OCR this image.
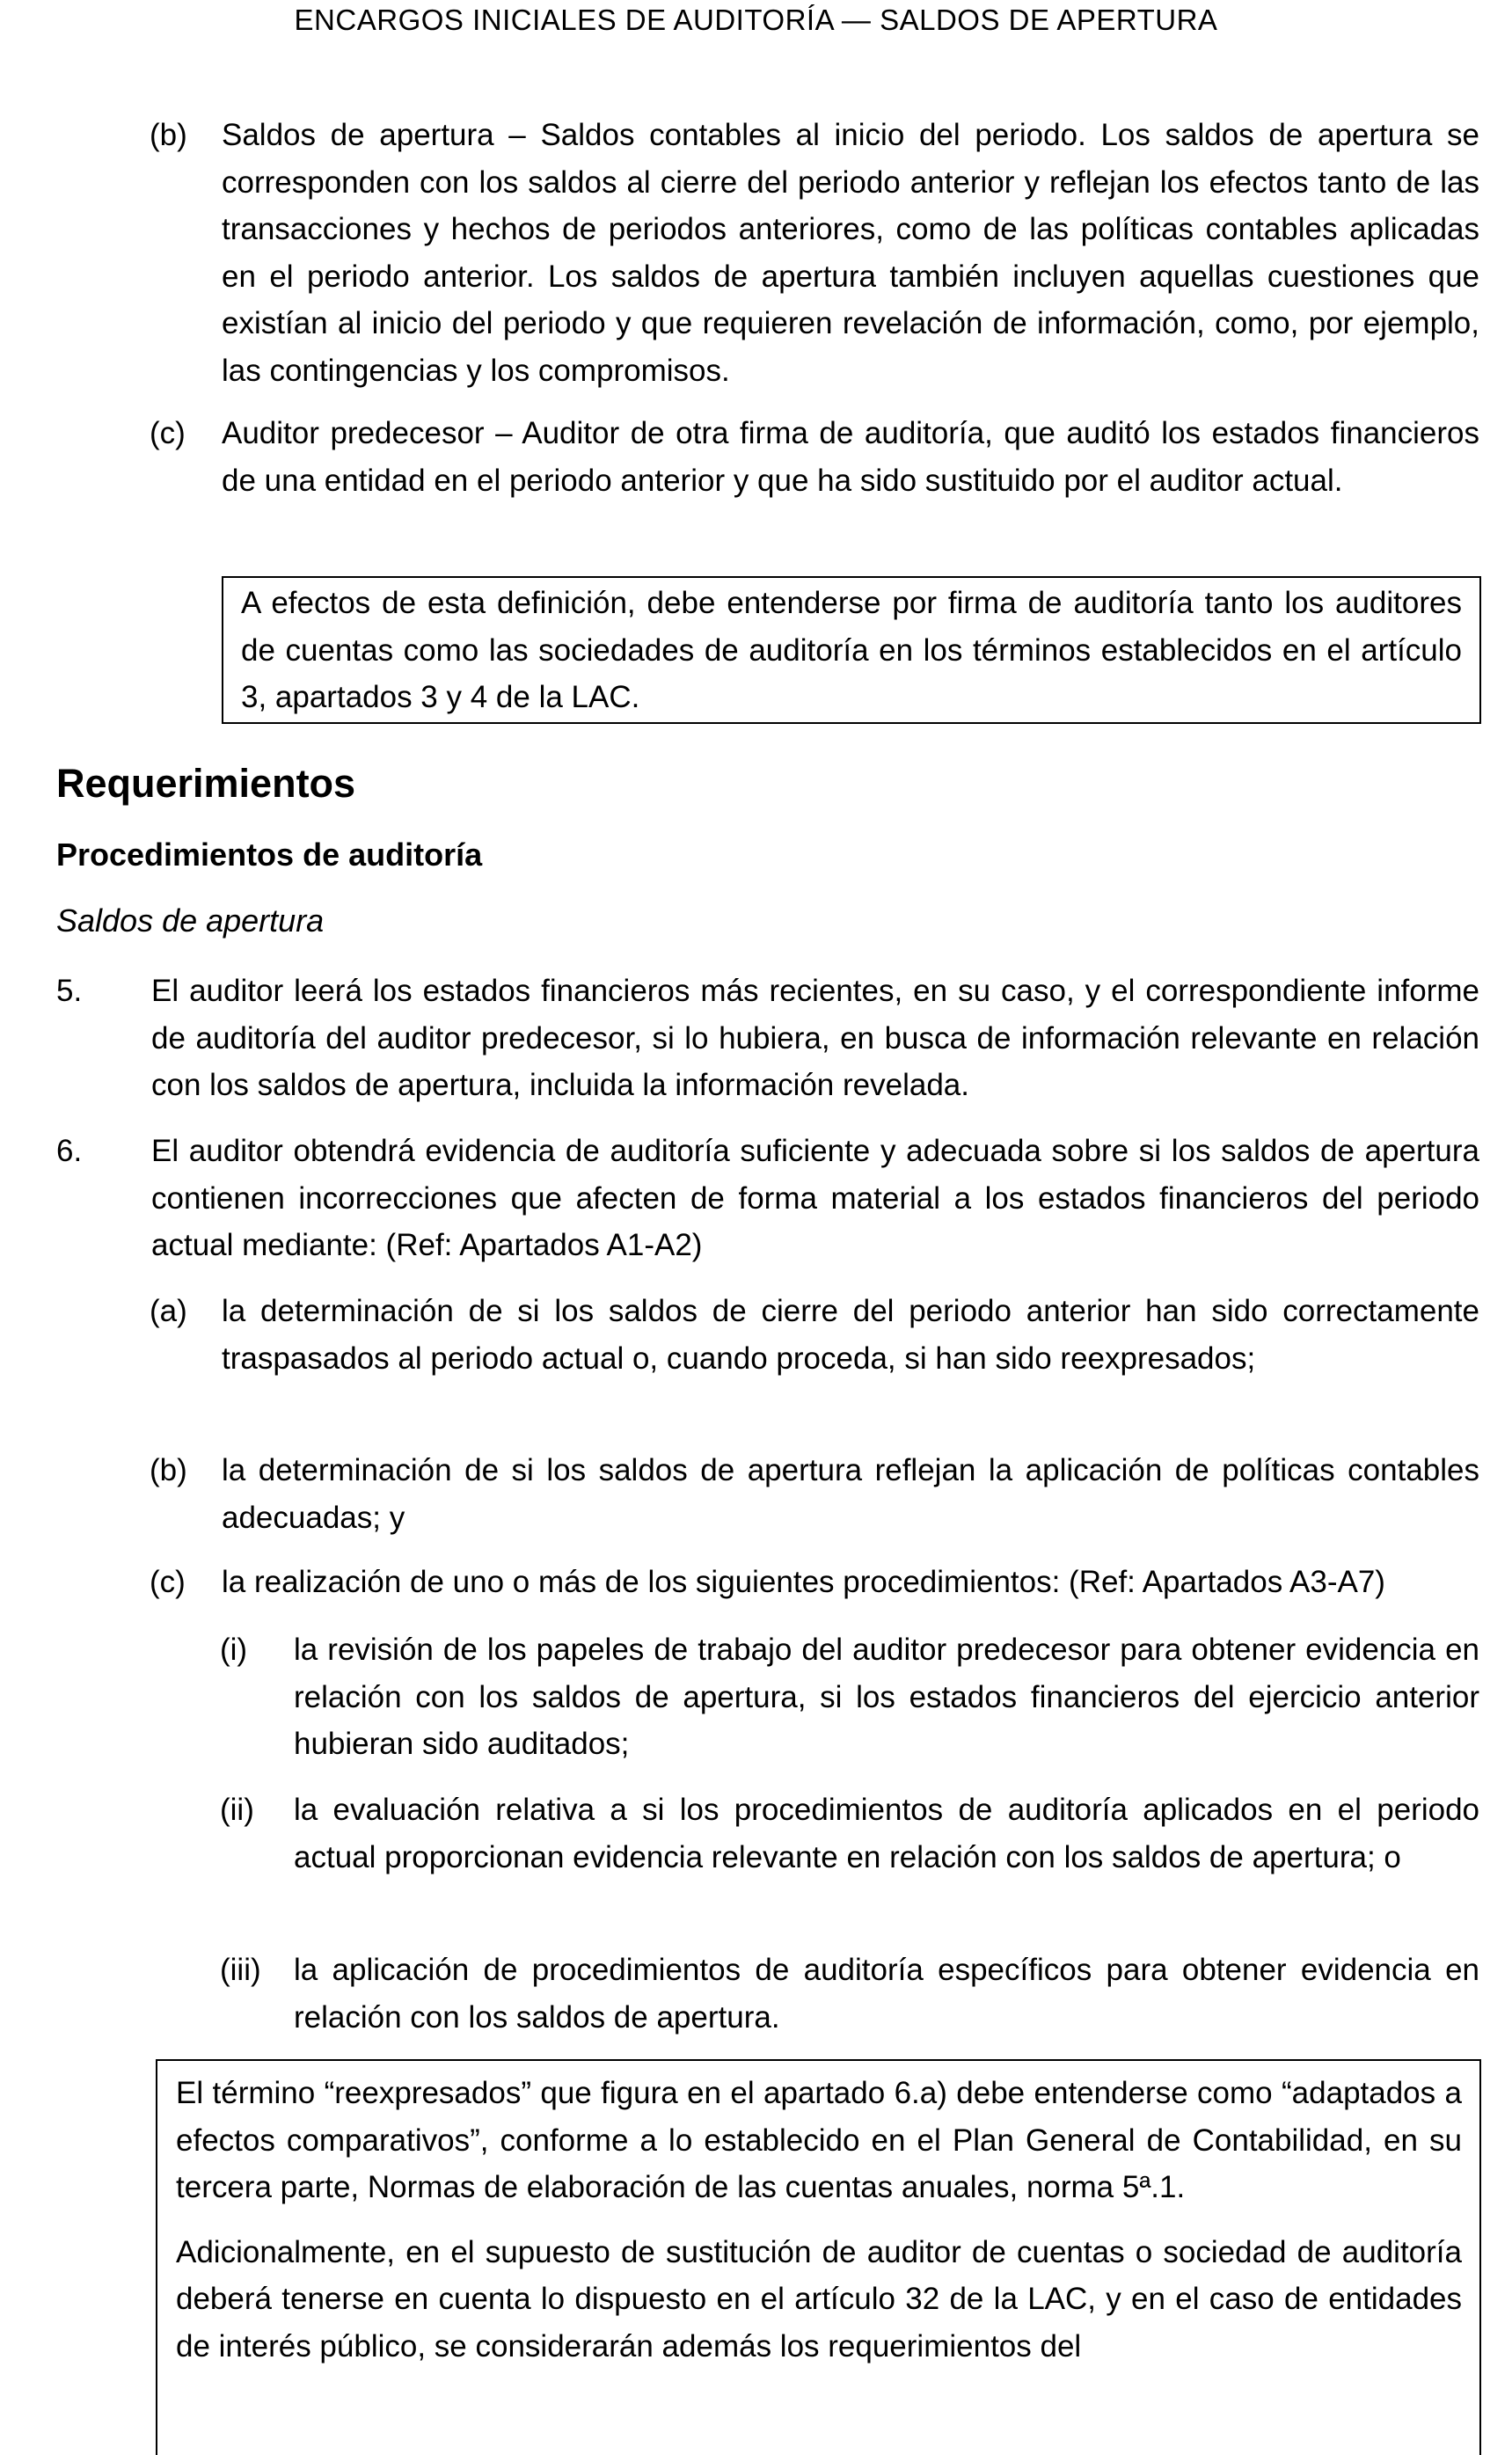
ENCARGOS INICIALES DE AUDITORÍA — SALDOS DE APERTURA
(b) Saldos de apertura – Saldos contables al inicio del periodo. Los saldos de apertura se corresponden con los saldos al cierre del periodo anterior y reflejan los efectos tanto de las transacciones y hechos de periodos anteriores, como de las políticas contables aplicadas en el periodo anterior. Los saldos de apertura también incluyen aquellas cuestiones que existían al inicio del periodo y que requieren revelación de información, como, por ejemplo, las contingencias y los compromisos.
(c) Auditor predecesor – Auditor de otra firma de auditoría, que auditó los estados financieros de una entidad en el periodo anterior y que ha sido sustituido por el auditor actual.

A efectos de esta definición, debe entenderse por firma de auditoría tanto los auditores de cuentas como las sociedades de auditoría en los términos establecidos en el artículo 3, apartados 3 y 4 de la LAC.

Requerimientos
Procedimientos de auditoría
Saldos de apertura
5. El auditor leerá los estados financieros más recientes, en su caso, y el correspondiente informe de auditoría del auditor predecesor, si lo hubiera, en busca de información relevante en relación con los saldos de apertura, incluida la información revelada.
6. El auditor obtendrá evidencia de auditoría suficiente y adecuada sobre si los saldos de apertura contienen incorrecciones que afecten de forma material a los estados financieros del periodo actual mediante: (Ref: Apartados A1-A2)
(a) la determinación de si los saldos de cierre del periodo anterior han sido correctamente traspasados al periodo actual o, cuando proceda, si han sido reexpresados;
(b) la determinación de si los saldos de apertura reflejan la aplicación de políticas contables adecuadas; y
(c) la realización de uno o más de los siguientes procedimientos: (Ref: Apartados A3-A7)
(i) la revisión de los papeles de trabajo del auditor predecesor para obtener evidencia en relación con los saldos de apertura, si los estados financieros del ejercicio anterior hubieran sido auditados;
(ii) la evaluación relativa a si los procedimientos de auditoría aplicados en el periodo actual proporcionan evidencia relevante en relación con los saldos de apertura; o
(iii) la aplicación de procedimientos de auditoría específicos para obtener evidencia en relación con los saldos de apertura.

El término “reexpresados” que figura en el apartado 6.a) debe entenderse como “adaptados a efectos comparativos”, conforme a lo establecido en el Plan General de Contabilidad, en su tercera parte, Normas de elaboración de las cuentas anuales, norma 5ª.1.

Adicionalmente, en el supuesto de sustitución de auditor de cuentas o sociedad de auditoría deberá tenerse en cuenta lo dispuesto en el artículo 32 de la LAC, y en el caso de entidades de interés público, se considerarán además los requerimientos del
